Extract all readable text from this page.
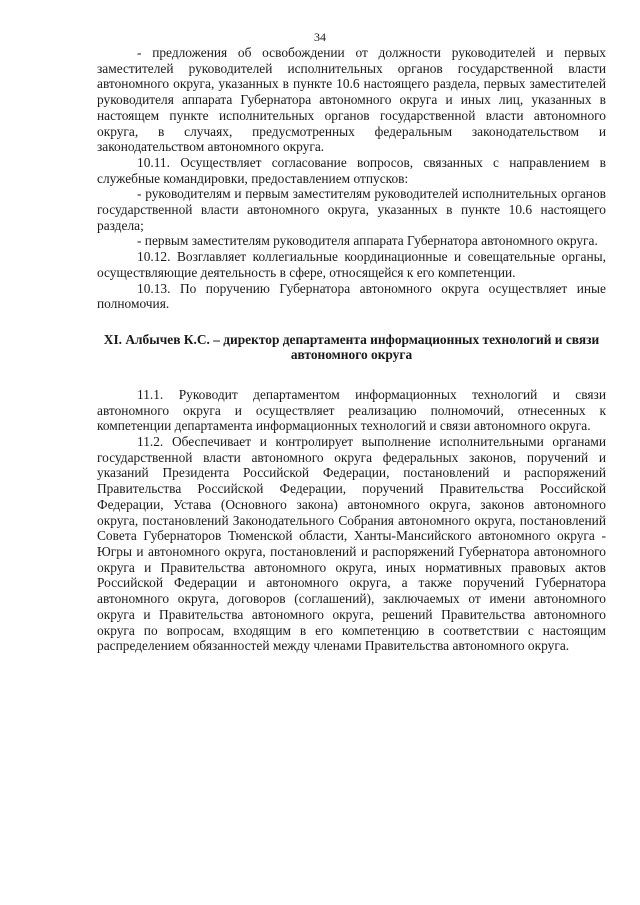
34

- предложения об освобождении от должности руководителей и первых заместителей руководителей исполнительных органов государственной власти автономного округа, указанных в пункте 10.6 настоящего раздела, первых заместителей руководителя аппарата Губернатора автономного округа и иных лиц, указанных в настоящем пункте исполнительных органов государственной власти автономного округа, в случаях, предусмотренных федеральным законодательством и законодательством автономного округа.

10.11. Осуществляет согласование вопросов, связанных с направлением в служебные командировки, предоставлением отпусков:

- руководителям и первым заместителям руководителей исполнительных органов государственной власти автономного округа, указанных в пункте 10.6 настоящего раздела;

- первым заместителям руководителя аппарата Губернатора автономного округа.

10.12. Возглавляет коллегиальные координационные и совещательные органы, осуществляющие деятельность в сфере, относящейся к его компетенции.

10.13. По поручению Губернатора автономного округа осуществляет иные полномочия.

XI. Албычев К.С. – директор департамента информационных технологий и связи автономного округа

11.1. Руководит департаментом информационных технологий и связи автономного округа и осуществляет реализацию полномочий, отнесенных к компетенции департамента информационных технологий и связи автономного округа.

11.2. Обеспечивает и контролирует выполнение исполнительными органами государственной власти автономного округа федеральных законов, поручений и указаний Президента Российской Федерации, постановлений и распоряжений Правительства Российской Федерации, поручений Правительства Российской Федерации, Устава (Основного закона) автономного округа, законов автономного округа, постановлений Законодательного Собрания автономного округа, постановлений Совета Губернаторов Тюменской области, Ханты-Мансийского автономного округа - Югры и автономного округа, постановлений и распоряжений Губернатора автономного округа и Правительства автономного округа, иных нормативных правовых актов Российской Федерации и автономного округа, а также поручений Губернатора автономного округа, договоров (соглашений), заключаемых от имени автономного округа и Правительства автономного округа, решений Правительства автономного округа по вопросам, входящим в его компетенцию в соответствии с настоящим распределением обязанностей между членами Правительства автономного округа.
